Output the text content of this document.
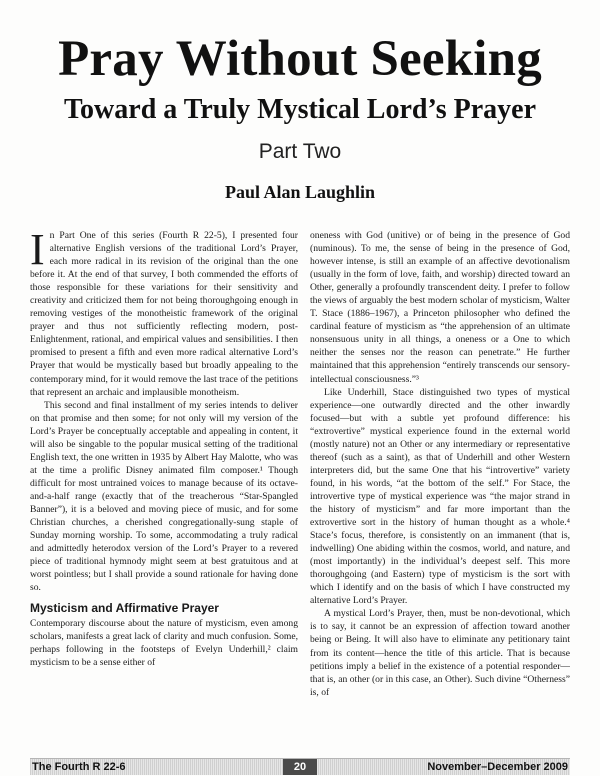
Pray Without Seeking
Toward a Truly Mystical Lord’s Prayer
Part Two
Paul Alan Laughlin

In Part One of this series (Fourth R 22-5), I presented four alternative English versions of the traditional Lord’s Prayer, each more radical in its revision of the original than the one before it. At the end of that survey, I both commended the efforts of those responsible for these variations for their sensitivity and creativity and criticized them for not being thoroughgoing enough in removing vestiges of the monotheistic framework of the original prayer and thus not sufficiently reflecting modern, post-Enlightenment, rational, and empirical values and sensibilities. I then promised to present a fifth and even more radical alternative Lord’s Prayer that would be mystically based but broadly appealing to the contemporary mind, for it would remove the last trace of the petitions that represent an archaic and implausible monotheism.

This second and final installment of my series intends to deliver on that promise and then some; for not only will my version of the Lord’s Prayer be conceptually acceptable and appealing in content, it will also be singable to the popular musical setting of the traditional English text, the one written in 1935 by Albert Hay Malotte, who was at the time a prolific Disney animated film composer.¹ Though difficult for most untrained voices to manage because of its octave-and-a-half range (exactly that of the treacherous “Star-Spangled Banner”), it is a beloved and moving piece of music, and for some Christian churches, a cherished congregationally-sung staple of Sunday morning worship. To some, accommodating a truly radical and admittedly heterodox version of the Lord’s Prayer to a revered piece of traditional hymnody might seem at best gratuitous and at worst pointless; but I shall provide a sound rationale for having done so.

Mysticism and Affirmative Prayer

Contemporary discourse about the nature of mysticism, even among scholars, manifests a great lack of clarity and much confusion. Some, perhaps following in the footsteps of Evelyn Underhill,² claim mysticism to be a sense either of

oneness with God (unitive) or of being in the presence of God (numinous). To me, the sense of being in the presence of God, however intense, is still an example of an affective devotionalism (usually in the form of love, faith, and worship) directed toward an Other, generally a profoundly transcendent deity. I prefer to follow the views of arguably the best modern scholar of mysticism, Walter T. Stace (1886–1967), a Princeton philosopher who defined the cardinal feature of mysticism as “the apprehension of an ultimate nonsensuous unity in all things, a oneness or a One to which neither the senses nor the reason can penetrate.” He further maintained that this apprehension “entirely transcends our sensory-intellectual consciousness.”³

Like Underhill, Stace distinguished two types of mystical experience—one outwardly directed and the other inwardly focused—but with a subtle yet profound difference: his “extrovertive” mystical experience found in the external world (mostly nature) not an Other or any intermediary or representative thereof (such as a saint), as that of Underhill and other Western interpreters did, but the same One that his “introvertive” variety found, in his words, “at the bottom of the self.” For Stace, the introvertive type of mystical experience was “the major strand in the history of mysticism” and far more important than the extrovertive sort in the history of human thought as a whole.⁴ Stace’s focus, therefore, is consistently on an immanent (that is, indwelling) One abiding within the cosmos, world, and nature, and (most importantly) in the individual’s deepest self. This more thoroughgoing (and Eastern) type of mysticism is the sort with which I identify and on the basis of which I have constructed my alternative Lord’s Prayer.

A mystical Lord’s Prayer, then, must be non-devotional, which is to say, it cannot be an expression of affection toward another being or Being. It will also have to eliminate any petitionary taint from its content—hence the title of this article. That is because petitions imply a belief in the existence of a potential responder—that is, an other (or in this case, an Other). Such divine “Otherness” is, of

The Fourth R 22-6	20	November–December 2009
